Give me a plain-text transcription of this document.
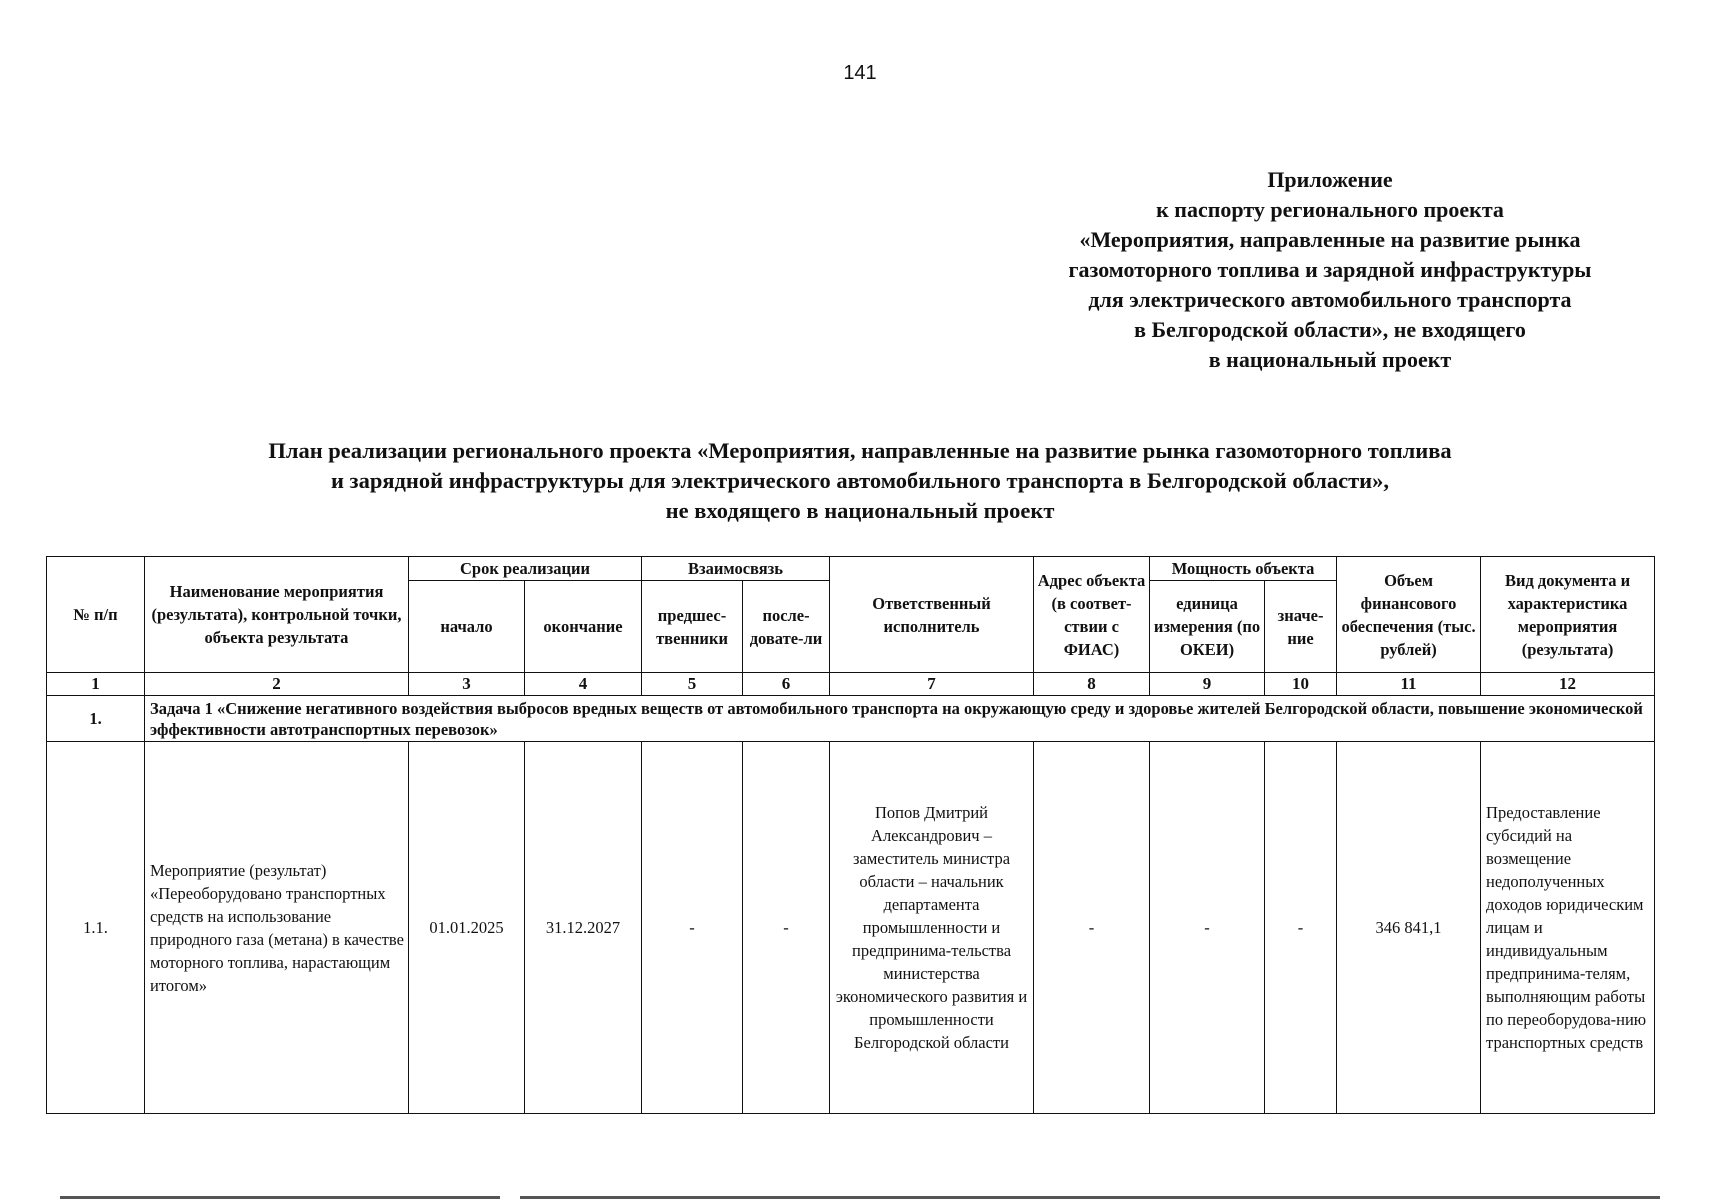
141
Приложение
к паспорту регионального проекта
«Мероприятия, направленные на развитие рынка
газомоторного топлива и зарядной инфраструктуры
для электрического автомобильного транспорта
в Белгородской области», не входящего
в национальный проект
План реализации регионального проекта «Мероприятия, направленные на развитие рынка газомоторного топлива
и зарядной инфраструктуры для электрического автомобильного транспорта в Белгородской области»,
не входящего в национальный проект
№ п/п	Наименование мероприятия (результата), контрольной точки, объекта результата	Срок реализации		Взаимосвязь		Ответственный исполнитель	Адрес объекта (в соответ-ствии с ФИАС)	Мощность объекта		Объем финансового обеспечения (тыс. рублей)	Вид документа и характеристика мероприятия (результата)
		начало	окончание	предшес-твенники	после-довате-ли			единица измерения (по ОКЕИ)	значе-ние		
1	2	3	4	5	6	7	8	9	10	11	12
1.	Задача 1 «Снижение негативного воздействия выбросов вредных веществ от автомобильного транспорта на окружающую среду и здоровье жителей Белгородской области, повышение экономической эффективности автотранспортных перевозок»										
1.1.	Мероприятие (результат) «Переоборудовано транспортных средств на использование природного газа (метана) в качестве моторного топлива, нарастающим итогом»	01.01.2025	31.12.2027	-	-	Попов Дмитрий Александрович – заместитель министра области – начальник департамента промышленности и предпринима-тельства министерства экономического развития и промышленности Белгородской области	-	-	-	346 841,1	Предоставление субсидий на возмещение недополученных доходов юридическим лицам и индивидуальным предпринима-телям, выполняющим работы по переоборудова-нию транспортных средств
